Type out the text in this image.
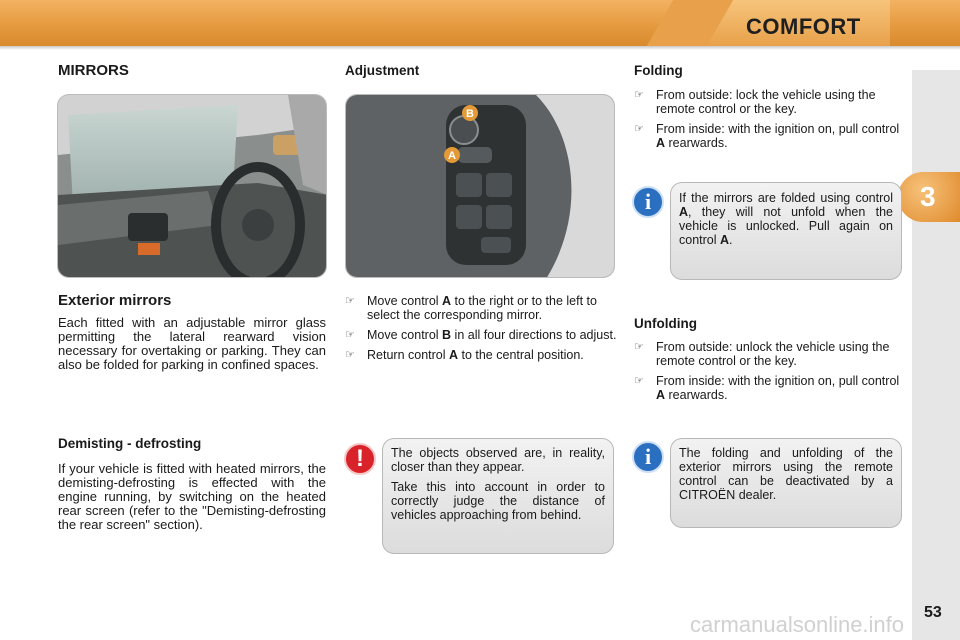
COMFORT
3
MIRRORS
Exterior mirrors
Each fitted with an adjustable mirror glass permitting the lateral rearward vision necessary for overtaking or parking. They can also be folded for parking in confined spaces.
Demisting - defrosting
If your vehicle is fitted with heated mirrors, the demisting-defrosting is effected with the engine running, by switching on the heated rear screen (refer to the "Demisting-defrosting the rear screen" section).
Adjustment
B
A
☞ Move control A to the right or to the left to select the corresponding mirror.
☞ Move control B in all four directions to adjust.
☞ Return control A to the central position.
!	The objects observed are, in reality, closer than they appear.

Take this into account in order to correctly judge the distance of vehicles approaching from behind.

Folding
☞ From outside: lock the vehicle using the remote control or the key.
☞ From inside: with the ignition on, pull control A rearwards.
i	If the mirrors are folded using control A, they will not unfold when the vehicle is unlocked. Pull again on control A.

Unfolding
☞ From outside: unlock the vehicle using the remote control or the key.
☞ From inside: with the ignition on, pull control A rearwards.
i	The folding and unfolding of the exterior mirrors using the remote control can be deactivated by a CITROËN dealer.

carmanualsonline.info 53
